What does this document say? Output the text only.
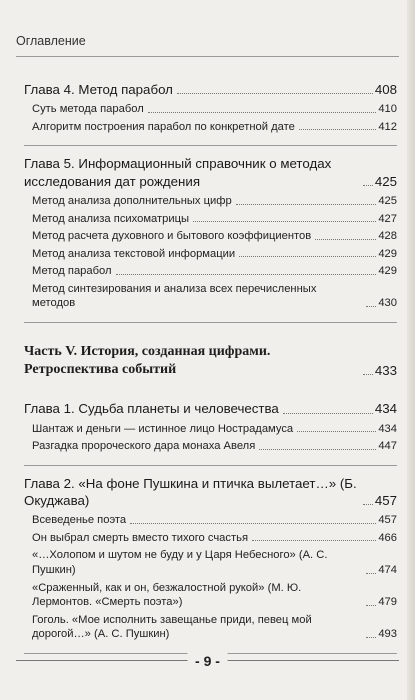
Оглавление
Глава 4. Метод парабол	408
Суть метода парабол	410
Алгоритм построения парабол по конкретной дате	412
Глава 5. Информационный справочник о методах исследования дат рождения	425
Метод анализа дополнительных цифр	425
Метод анализа психоматрицы	427
Метод расчета духовного и бытового коэффициентов	428
Метод анализа текстовой информации	429
Метод парабол	429
Метод синтезирования и анализа всех перечисленных методов	430
Часть V. История, созданная цифрами. Ретроспектива событий	433
Глава 1. Судьба планеты и человечества	434
Шантаж и деньги — истинное лицо Нострадамуса	434
Разгадка пророческого дара монаха Авеля	447
Глава 2. «На фоне Пушкина и птичка вылетает…» (Б. Окуджава)	457
Всеведенье поэта	457
Он выбрал смерть вместо тихого счастья	466
«…Холопом и шутом не буду и у Царя Небесного» (А. С. Пушкин)	474
«Сраженный, как и он, безжалостной рукой» (М. Ю. Лермонтов. «Смерть поэта»)	479
Гоголь. «Мое исполнить завещанье приди, певец мой дорогой…» (А. С. Пушкин)	493
- 9 -
